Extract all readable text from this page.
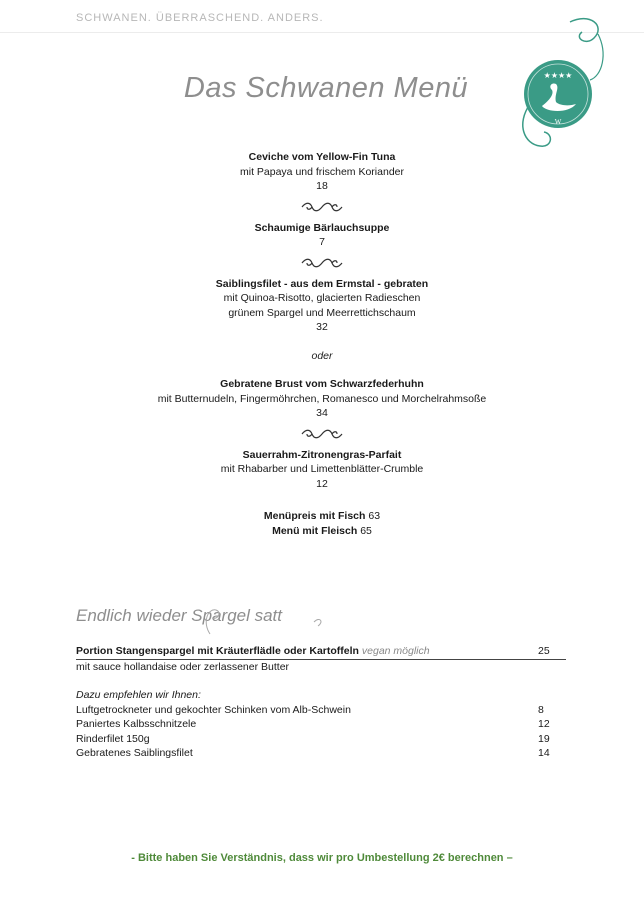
SCHWANEN. ÜBERRASCHEND. ANDERS.
★★★★
W
Das Schwanen Menü
Ceviche vom Yellow-Fin Tuna
mit Papaya und frischem Koriander
18
Schaumige Bärlauchsuppe
7
Saiblingsfilet - aus dem Ermstal - gebraten
mit Quinoa-Risotto, glacierten Radieschen
grünem Spargel und Meerrettichschaum
32
oder
Gebratene Brust vom Schwarzfederhuhn
mit Butternudeln, Fingermöhrchen, Romanesco und Morchelrahmsoße
34
Sauerrahm-Zitronengras-Parfait
mit Rhabarber und Limettenblätter-Crumble
12
Menüpreis mit Fisch 63
Menü mit Fleisch 65
Endlich wieder Spargel satt
Portion Stangenspargel mit Kräuterflädle oder Kartoffeln vegan möglich	25
mit sauce hollandaise oder zerlassener Butter
Dazu empfehlen wir Ihnen:
Luftgetrockneter und gekochter Schinken vom Alb-Schwein	8
Paniertes Kalbsschnitzele	12
Rinderfilet 150g	19
Gebratenes Saiblingsfilet	14
- Bitte haben Sie Verständnis, dass wir pro Umbestellung 2€ berechnen –
